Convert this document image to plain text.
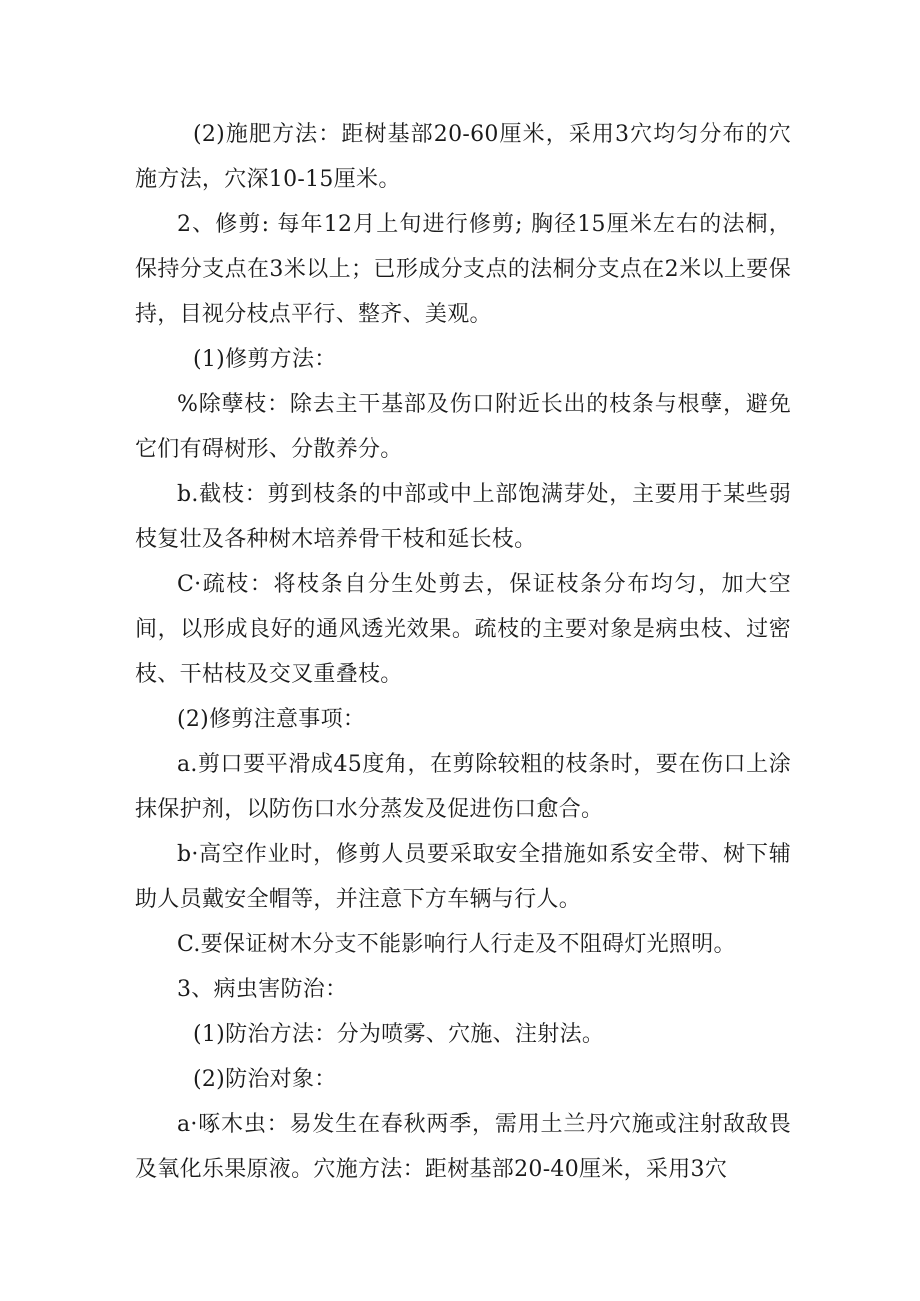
(2)施肥方法：距树基部20-60厘米，采用3穴均匀分布的穴施方法，穴深10-15厘米。

2、修剪: 每年12月上旬进行修剪; 胸径15厘米左右的法桐，保持分支点在3米以上；已形成分支点的法桐分支点在2米以上要保持，目视分枝点平行、整齐、美观。

(1)修剪方法：

%除孽枝：除去主干基部及伤口附近长出的枝条与根孽，避免它们有碍树形、分散养分。

b.截枝：剪到枝条的中部或中上部饱满芽处，主要用于某些弱枝复壮及各种树木培养骨干枝和延长枝。

C·疏枝：将枝条自分生处剪去，保证枝条分布均匀，加大空间，以形成良好的通风透光效果。疏枝的主要对象是病虫枝、过密枝、干枯枝及交叉重叠枝。

(2)修剪注意事项：

a.剪口要平滑成45度角，在剪除较粗的枝条时，要在伤口上涂抹保护剂，以防伤口水分蒸发及促进伤口愈合。

b·高空作业时，修剪人员要采取安全措施如系安全带、树下辅助人员戴安全帽等，并注意下方车辆与行人。

C.要保证树木分支不能影响行人行走及不阻碍灯光照明。

3、病虫害防治：

(1)防治方法：分为喷雾、穴施、注射法。

(2)防治对象：

a·啄木虫：易发生在春秋两季，需用土兰丹穴施或注射敌敌畏及氧化乐果原液。穴施方法：距树基部20-40厘米，采用3穴
